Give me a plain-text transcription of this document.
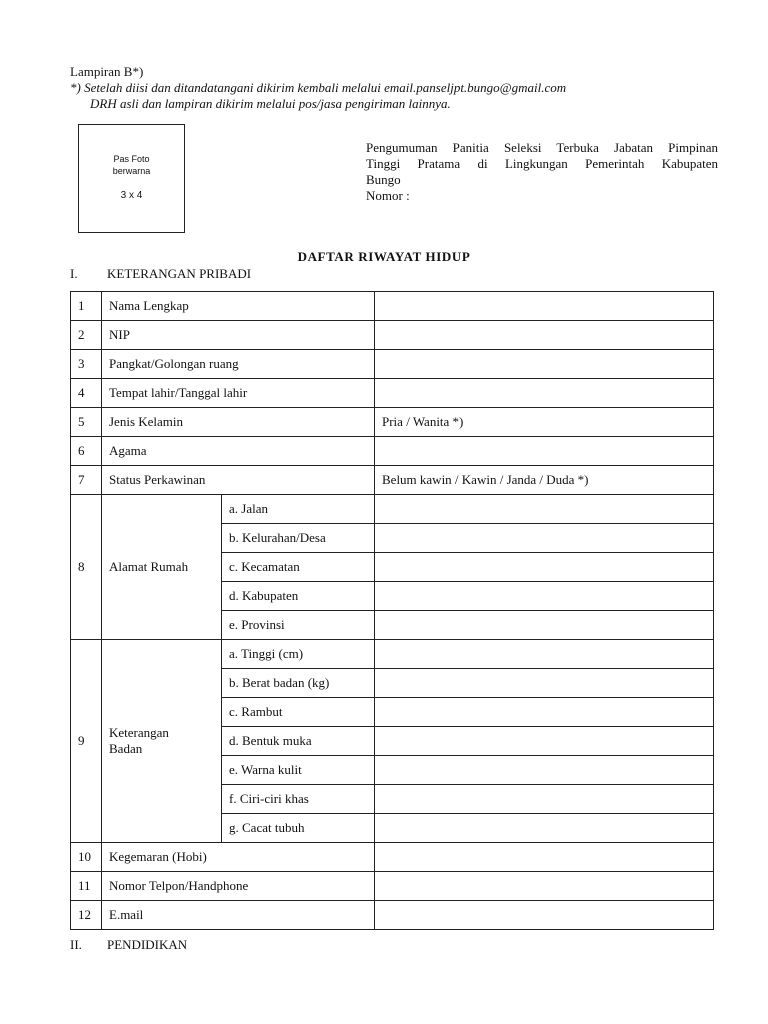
Lampiran B*)
*) Setelah diisi dan ditandatangani dikirim kembali melalui email.panseljpt.bungo@gmail.com
DRH asli dan lampiran dikirim melalui pos/jasa pengiriman lainnya.
Pas Foto
berwarna
3 x 4
Pengumuman Panitia Seleksi Terbuka Jabatan Pimpinan
Tinggi Pratama di Lingkungan Pemerintah Kabupaten
Bungo
Nomor :
DAFTAR RIWAYAT HIDUP
I. KETERANGAN PRIBADI
1	Nama Lengkap		
2	NIP		
3	Pangkat/Golongan ruang		
4	Tempat lahir/Tanggal lahir		
5	Jenis Kelamin		Pria / Wanita *)
6	Agama		
7	Status Perkawinan		Belum kawin / Kawin / Janda / Duda *)
8	Alamat Rumah	a. Jalan	
		b. Kelurahan/Desa	
		c. Kecamatan	
		d. Kabupaten	
		e. Provinsi	
9	Keterangan
Badan	a. Tinggi (cm)	
		b. Berat badan (kg)	
		c. Rambut	
		d. Bentuk muka	
		e. Warna kulit	
		f. Ciri-ciri khas	
		g. Cacat tubuh	
10	Kegemaran (Hobi)		
11	Nomor Telpon/Handphone		
12	E.mail		
II. PENDIDIKAN
